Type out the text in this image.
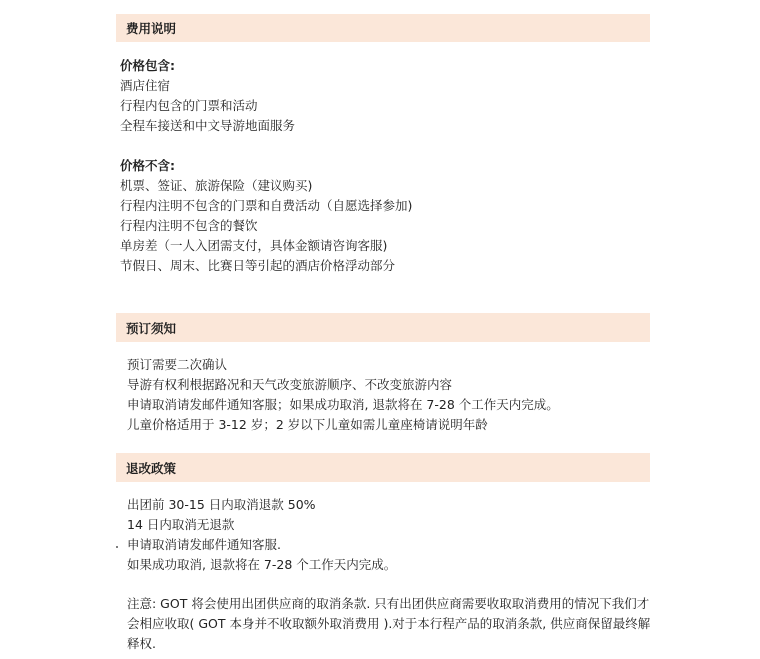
费用说明
价格包含:
酒店住宿
行程内包含的门票和活动
全程车接送和中文导游地面服务
价格不含:
机票、签证、旅游保险（建议购买)
行程内注明不包含的门票和自费活动（自愿选择参加)
行程内注明不包含的餐饮
单房差（一人入团需支付，具体金额请咨询客服)
节假日、周末、比赛日等引起的酒店价格浮动部分
预订须知
预订需要二次确认
导游有权利根据路况和天气改变旅游顺序、不改变旅游内容
申请取消请发邮件通知客服；如果成功取消, 退款将在 7-28 个工作天内完成。
儿童价格适用于 3-12 岁；2 岁以下儿童如需儿童座椅请说明年龄
退改政策
出团前 30-15 日内取消退款 50%
14 日内取消无退款
申请取消请发邮件通知客服.
如果成功取消, 退款将在 7-28 个工作天内完成。
注意: GOT 将会使用出团供应商的取消条款. 只有出团供应商需要收取取消费用的情况下我们才会相应收取( GOT 本身并不收取额外取消费用 ).对于本行程产品的取消条款, 供应商保留最终解释权.
